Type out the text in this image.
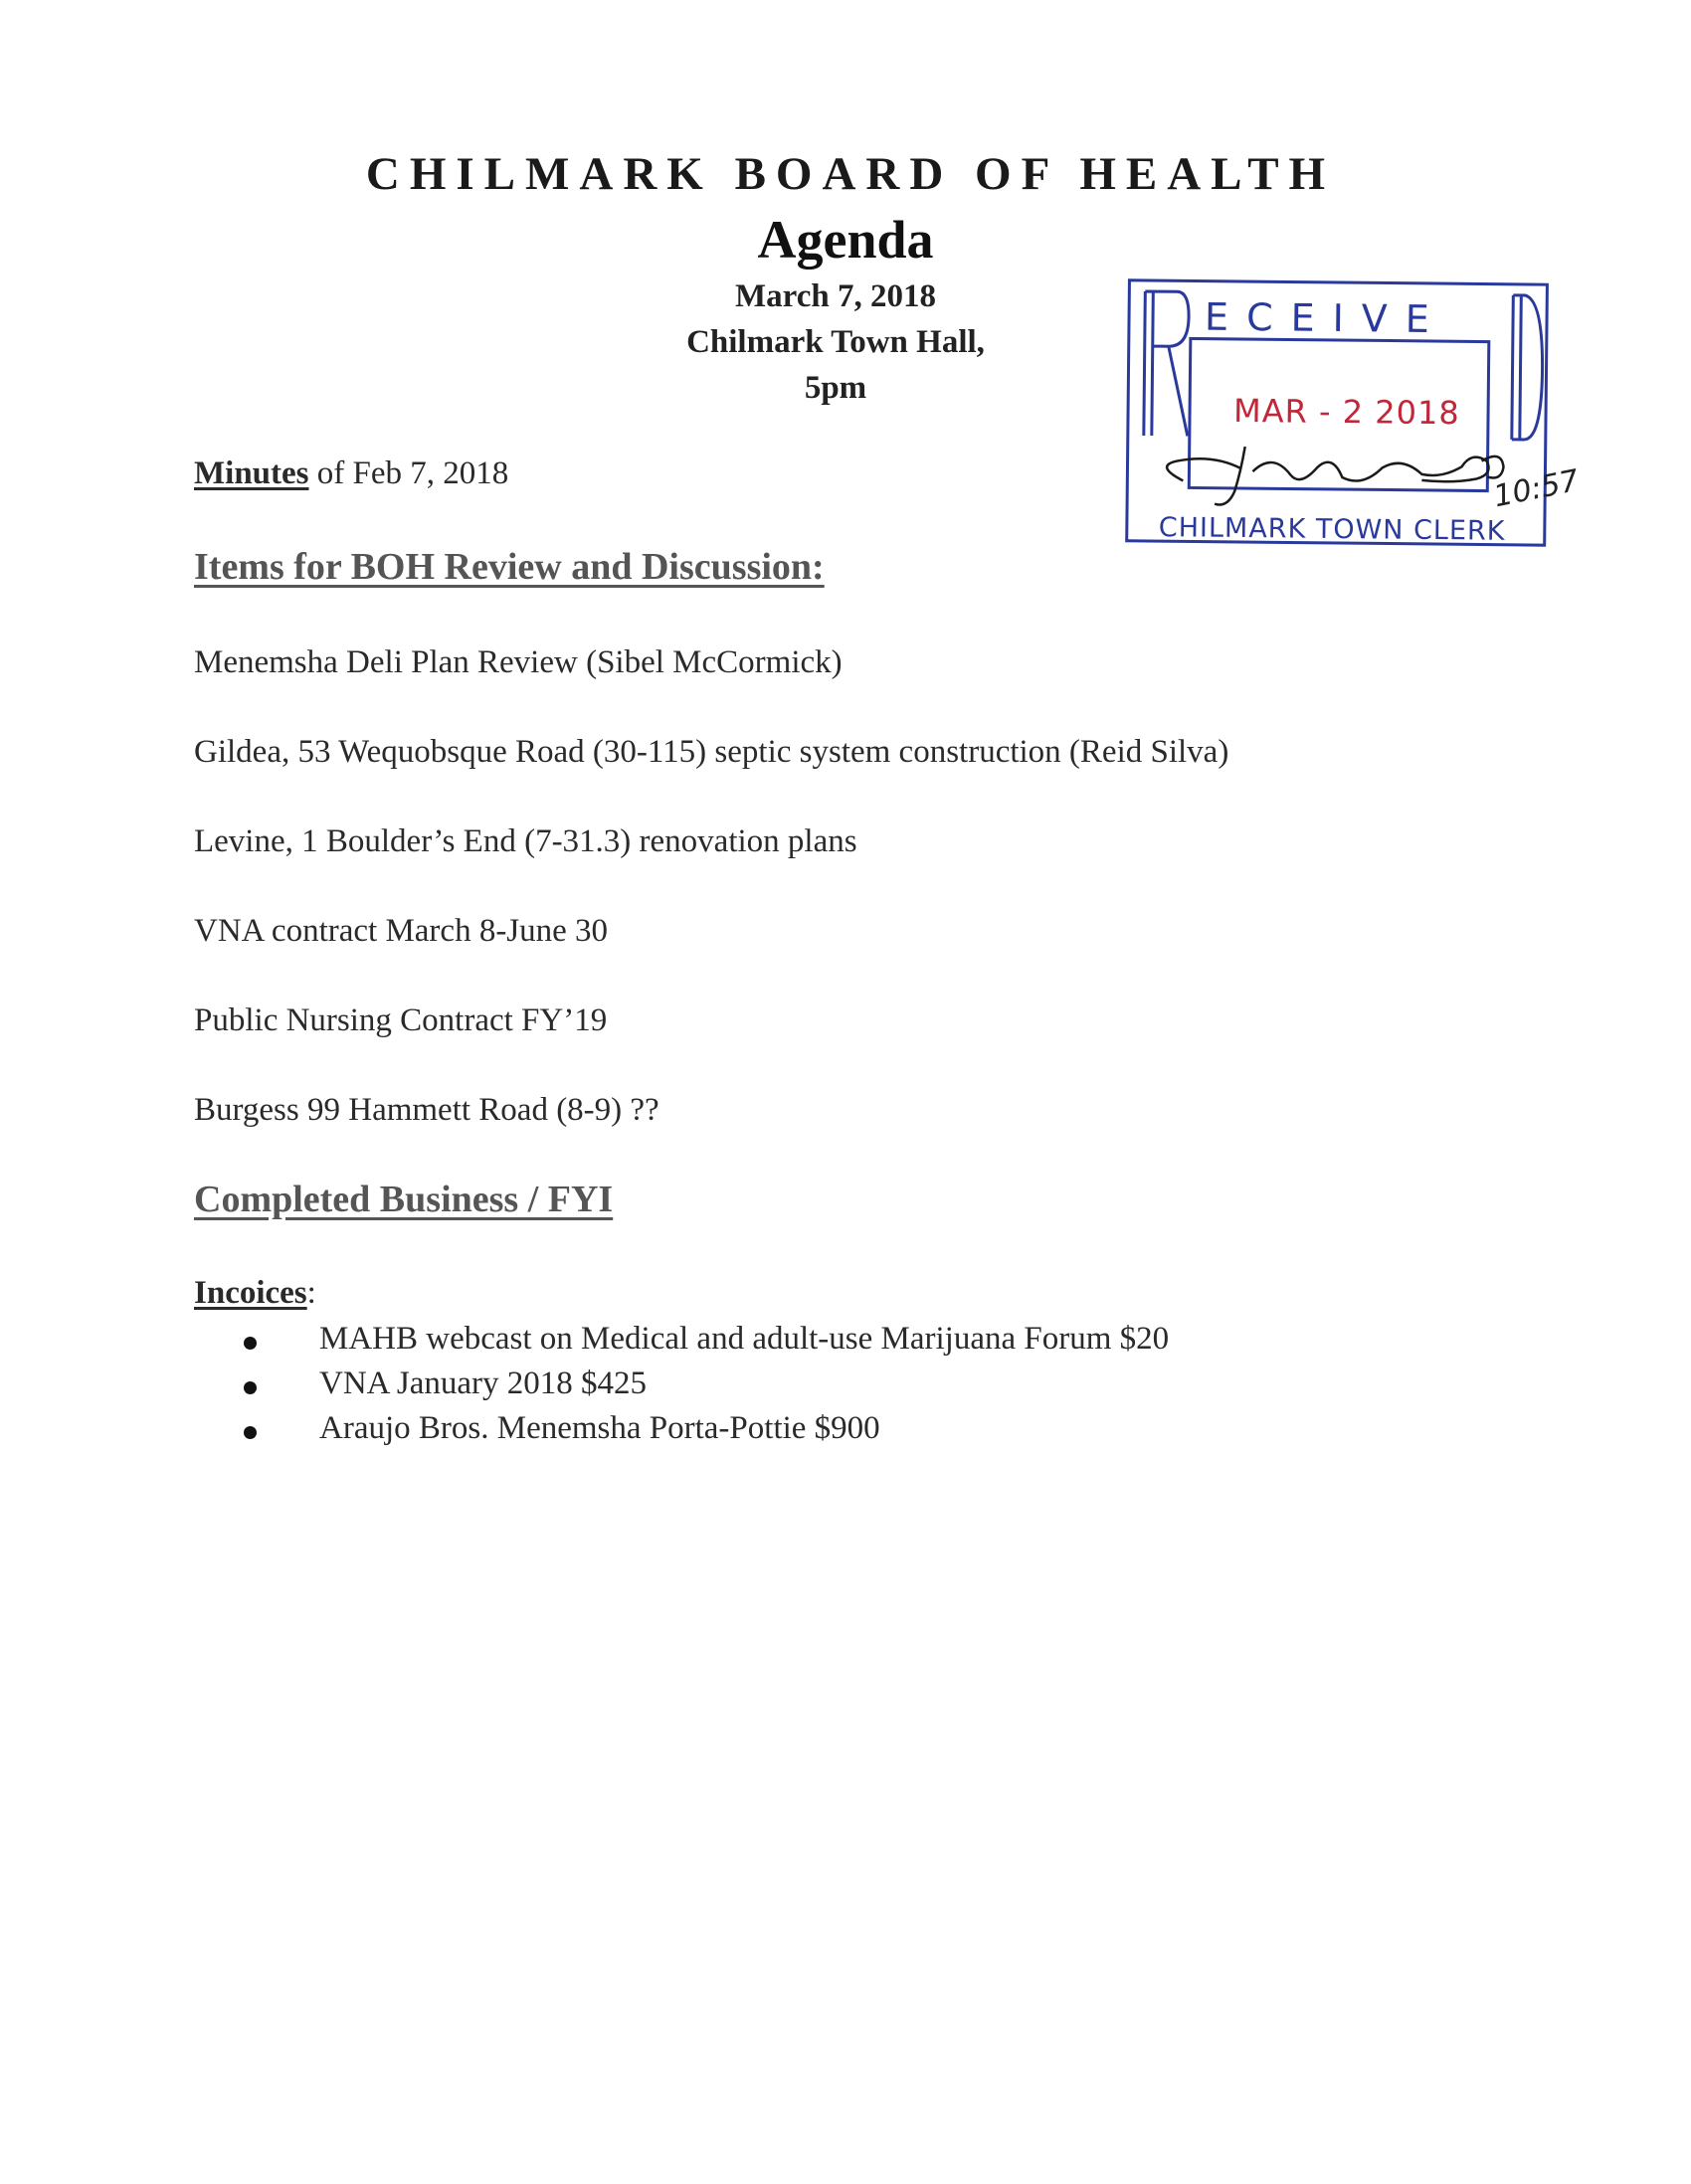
CHILMARK BOARD OF HEALTH
Agenda
March 7, 2018
Chilmark Town Hall,
5pm
Minutes of Feb 7, 2018
Items for BOH Review and Discussion:
Menemsha Deli Plan Review (Sibel McCormick)
Gildea, 53 Wequobsque Road (30-115) septic system construction (Reid Silva)
Levine, 1 Boulder’s End (7-31.3) renovation plans
VNA contract March 8-June 30
Public Nursing Contract FY’19
Burgess 99 Hammett Road (8-9) ??
Completed Business / FYI
Incoices:
MAHB webcast on Medical and adult-use Marijuana Forum $20
VNA January 2018 $425
Araujo Bros. Menemsha Porta-Pottie $900
ECEIVE
MAR - 2 2018
CHILMARK TOWN CLERK
10:57
